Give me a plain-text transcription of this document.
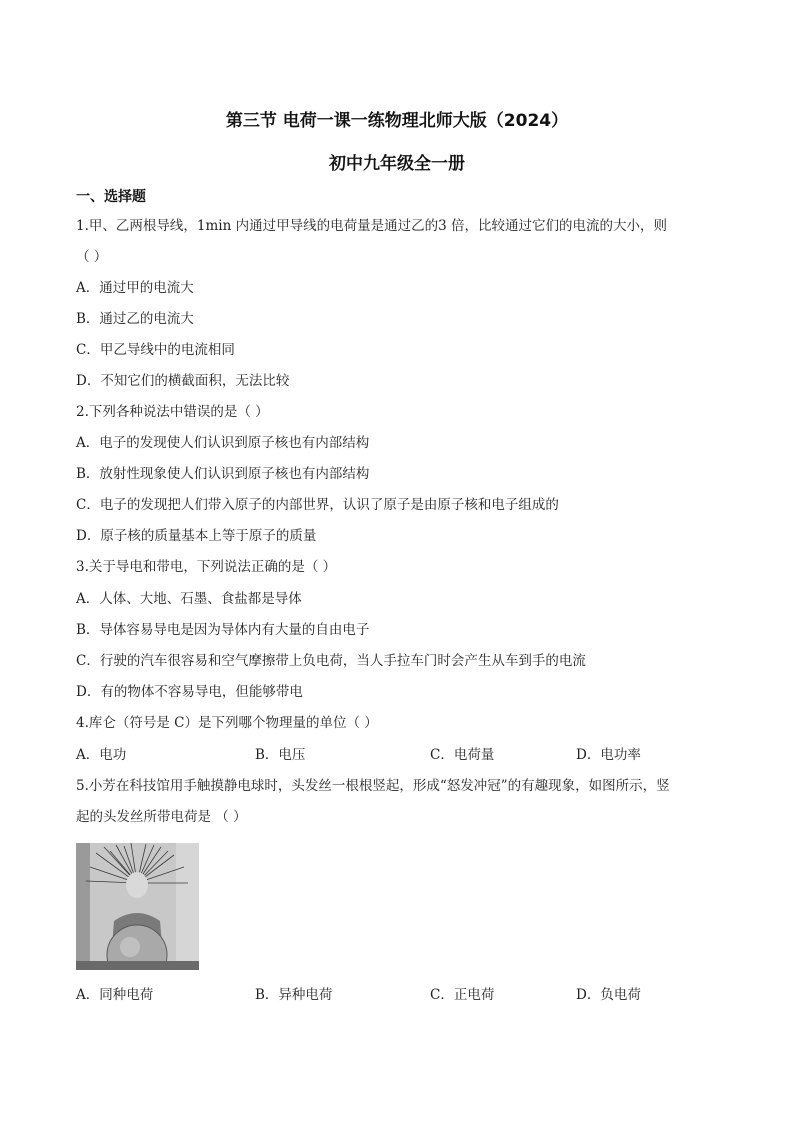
第三节 电荷一课一练物理北师大版（2024）
初中九年级全一册
一、选择题
1.甲、乙两根导线，1min 内通过甲导线的电荷量是通过乙的3 倍，比较通过它们的电流的大小，则
（ ）
A．通过甲的电流大
B．通过乙的电流大
C．甲乙导线中的电流相同
D．不知它们的横截面积，无法比较
2.下列各种说法中错误的是（ ）
A．电子的发现使人们认识到原子核也有内部结构
B．放射性现象使人们认识到原子核也有内部结构
C．电子的发现把人们带入原子的内部世界，认识了原子是由原子核和电子组成的
D．原子核的质量基本上等于原子的质量
3.关于导电和带电，下列说法正确的是（ ）
A．人体、大地、石墨、食盐都是导体
B．导体容易导电是因为导体内有大量的自由电子
C．行驶的汽车很容易和空气摩擦带上负电荷，当人手拉车门时会产生从车到手的电流
D．有的物体不容易导电，但能够带电
4.库仑（符号是 C）是下列哪个物理量的单位（ ）
A．电功	B．电压	C．电荷量	D．电功率
5.小芳在科技馆用手触摸静电球时，头发丝一根根竖起，形成“怒发冲冠”的有趣现象，如图所示，竖
起的头发丝所带电荷是 （ ）
A．同种电荷	B．异种电荷	C．正电荷	D．负电荷
